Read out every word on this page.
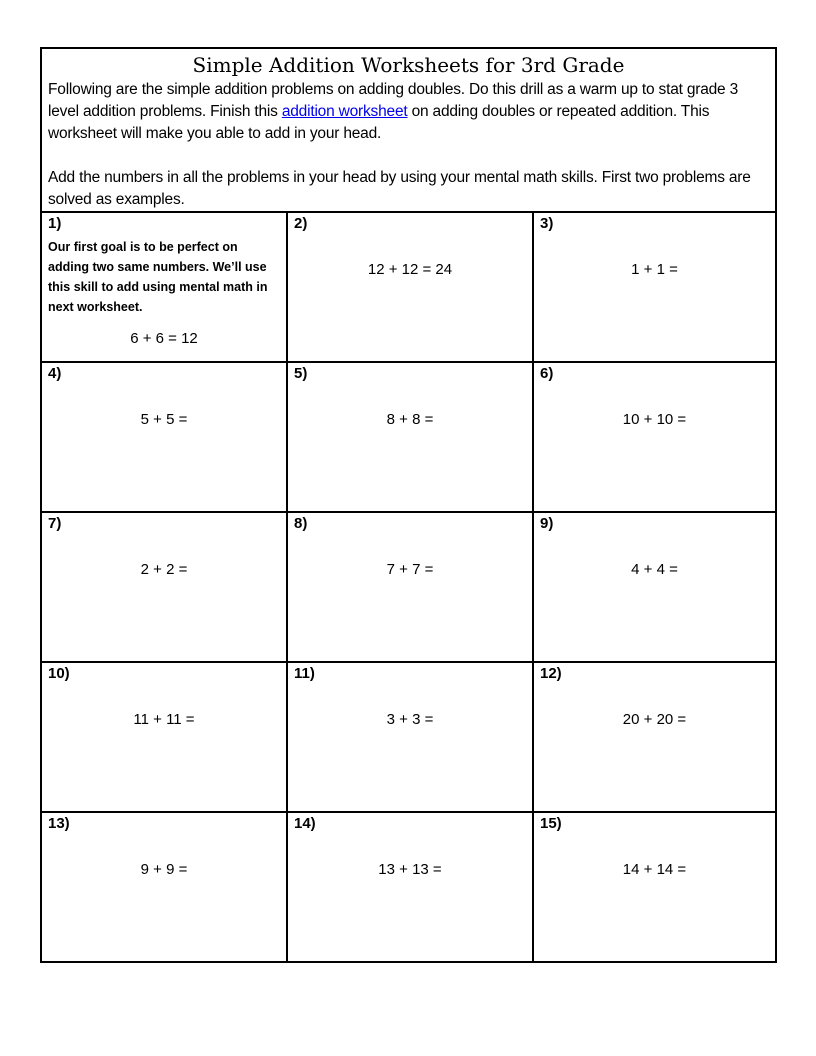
Simple Addition Worksheets for 3rd Grade
Following are the simple addition problems on adding doubles. Do this drill as a warm up to stat grade 3 level addition problems. Finish this addition worksheet on adding doubles or repeated addition. This worksheet will make you able to add in your head.
Add the numbers in all the problems in your head by using your mental math skills. First two problems are solved as examples.
1)
Our first goal is to be perfect on adding two same numbers. We’ll use this skill to add using mental math in next worksheet.
6 + 6 = 12
2)
12 + 12 = 24
3)
1 + 1 =
4)
5 + 5 =
5)
8 + 8 =
6)
10 + 10 =
7)
2 + 2 =
8)
7 + 7 =
9)
4 + 4 =
10)
11 + 11 =
11)
3 + 3 =
12)
20 + 20 =
13)
9 + 9 =
14)
13 + 13 =
15)
14 + 14 =
